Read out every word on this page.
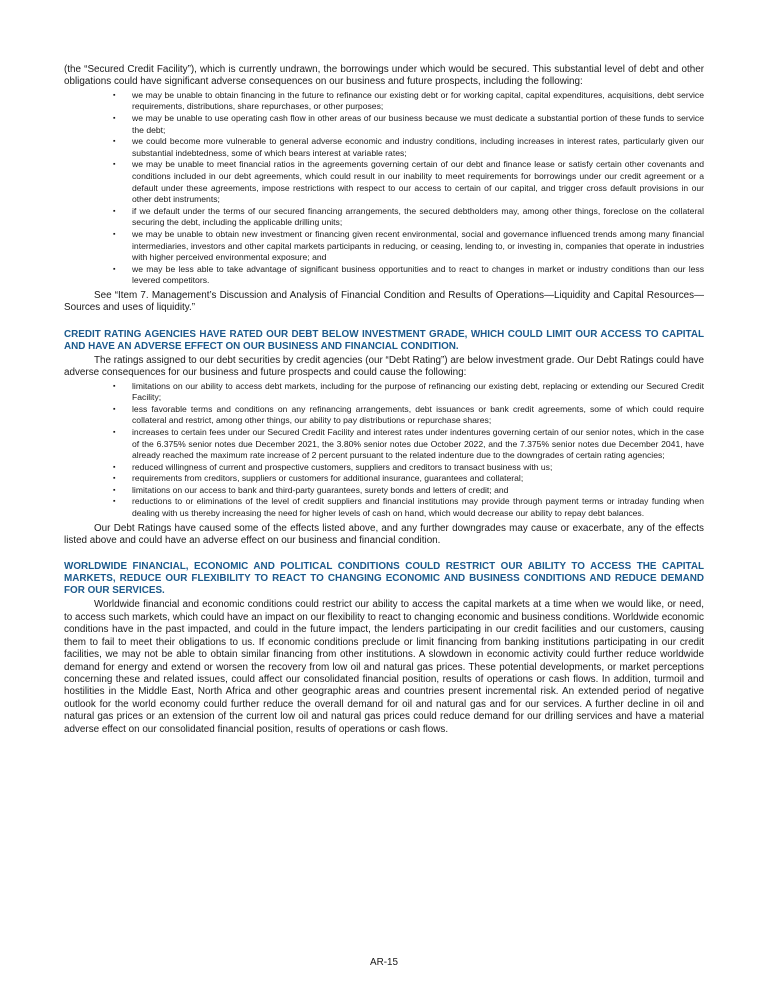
(the “Secured Credit Facility”), which is currently undrawn, the borrowings under which would be secured. This substantial level of debt and other obligations could have significant adverse consequences on our business and future prospects, including the following:

▪ we may be unable to obtain financing in the future to refinance our existing debt or for working capital, capital expenditures, acquisitions, debt service requirements, distributions, share repurchases, or other purposes;
▪ we may be unable to use operating cash flow in other areas of our business because we must dedicate a substantial portion of these funds to service the debt;
▪ we could become more vulnerable to general adverse economic and industry conditions, including increases in interest rates, particularly given our substantial indebtedness, some of which bears interest at variable rates;
▪ we may be unable to meet financial ratios in the agreements governing certain of our debt and finance lease or satisfy certain other covenants and conditions included in our debt agreements, which could result in our inability to meet requirements for borrowings under our credit agreement or a default under these agreements, impose restrictions with respect to our access to certain of our capital, and trigger cross default provisions in our other debt instruments;
▪ if we default under the terms of our secured financing arrangements, the secured debtholders may, among other things, foreclose on the collateral securing the debt, including the applicable drilling units;
▪ we may be unable to obtain new investment or financing given recent environmental, social and governance influenced trends among many financial intermediaries, investors and other capital markets participants in reducing, or ceasing, lending to, or investing in, companies that operate in industries with higher perceived environmental exposure; and
▪ we may be less able to take advantage of significant business opportunities and to react to changes in market or industry conditions than our less levered competitors.

See “Item 7. Management’s Discussion and Analysis of Financial Condition and Results of Operations—Liquidity and Capital Resources—Sources and uses of liquidity.”

CREDIT RATING AGENCIES HAVE RATED OUR DEBT BELOW INVESTMENT GRADE, WHICH COULD LIMIT OUR ACCESS TO CAPITAL AND HAVE AN ADVERSE EFFECT ON OUR BUSINESS AND FINANCIAL CONDITION.

The ratings assigned to our debt securities by credit agencies (our “Debt Rating”) are below investment grade. Our Debt Ratings could have adverse consequences for our business and future prospects and could cause the following:

▪ limitations on our ability to access debt markets, including for the purpose of refinancing our existing debt, replacing or extending our Secured Credit Facility;
▪ less favorable terms and conditions on any refinancing arrangements, debt issuances or bank credit agreements, some of which could require collateral and restrict, among other things, our ability to pay distributions or repurchase shares;
▪ increases to certain fees under our Secured Credit Facility and interest rates under indentures governing certain of our senior notes, which in the case of the 6.375% senior notes due December 2021, the 3.80% senior notes due October 2022, and the 7.375% senior notes due December 2041, have already reached the maximum rate increase of 2 percent pursuant to the related indenture due to the downgrades of certain rating agencies;
▪ reduced willingness of current and prospective customers, suppliers and creditors to transact business with us;
▪ requirements from creditors, suppliers or customers for additional insurance, guarantees and collateral;
▪ limitations on our access to bank and third-party guarantees, surety bonds and letters of credit; and
▪ reductions to or eliminations of the level of credit suppliers and financial institutions may provide through payment terms or intraday funding when dealing with us thereby increasing the need for higher levels of cash on hand, which would decrease our ability to repay debt balances.

Our Debt Ratings have caused some of the effects listed above, and any further downgrades may cause or exacerbate, any of the effects listed above and could have an adverse effect on our business and financial condition.

WORLDWIDE FINANCIAL, ECONOMIC AND POLITICAL CONDITIONS COULD RESTRICT OUR ABILITY TO ACCESS THE CAPITAL MARKETS, REDUCE OUR FLEXIBILITY TO REACT TO CHANGING ECONOMIC AND BUSINESS CONDITIONS AND REDUCE DEMAND FOR OUR SERVICES.

Worldwide financial and economic conditions could restrict our ability to access the capital markets at a time when we would like, or need, to access such markets, which could have an impact on our flexibility to react to changing economic and business conditions. Worldwide economic conditions have in the past impacted, and could in the future impact, the lenders participating in our credit facilities and our customers, causing them to fail to meet their obligations to us. If economic conditions preclude or limit financing from banking institutions participating in our credit facilities, we may not be able to obtain similar financing from other institutions. A slowdown in economic activity could further reduce worldwide demand for energy and extend or worsen the recovery from low oil and natural gas prices. These potential developments, or market perceptions concerning these and related issues, could affect our consolidated financial position, results of operations or cash flows. In addition, turmoil and hostilities in the Middle East, North Africa and other geographic areas and countries present incremental risk. An extended period of negative outlook for the world economy could further reduce the overall demand for oil and natural gas and for our services. A further decline in oil and natural gas prices or an extension of the current low oil and natural gas prices could reduce demand for our drilling services and have a material adverse effect on our consolidated financial position, results of operations or cash flows.

AR-15
